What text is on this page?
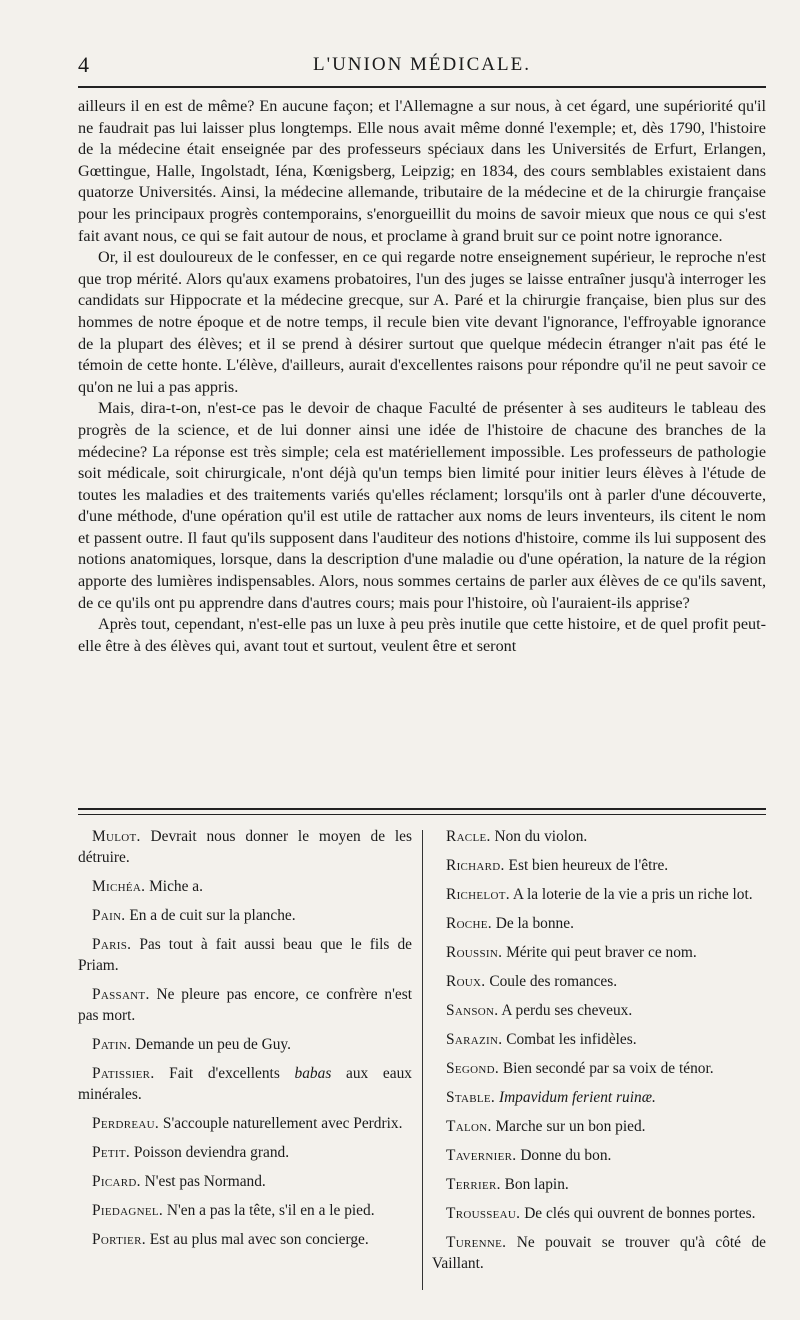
4	L'UNION MÉDICALE.

ailleurs il en est de même? En aucune façon; et l'Allemagne a sur nous, à cet égard, une supériorité qu'il ne faudrait pas lui laisser plus longtemps. Elle nous avait même donné l'exemple; et, dès 1790, l'histoire de la médecine était enseignée par des professeurs spéciaux dans les Universités de Erfurt, Erlangen, Gœttingue, Halle, Ingolstadt, Iéna, Kœnigsberg, Leipzig; en 1834, des cours semblables existaient dans quatorze Universités. Ainsi, la médecine allemande, tributaire de la médecine et de la chirurgie française pour les principaux progrès contemporains, s'enorgueillit du moins de savoir mieux que nous ce qui s'est fait avant nous, ce qui se fait autour de nous, et proclame à grand bruit sur ce point notre ignorance.

Or, il est douloureux de le confesser, en ce qui regarde notre enseignement supérieur, le reproche n'est que trop mérité. Alors qu'aux examens probatoires, l'un des juges se laisse entraîner jusqu'à interroger les candidats sur Hippocrate et la médecine grecque, sur A. Paré et la chirurgie française, bien plus sur des hommes de notre époque et de notre temps, il recule bien vite devant l'ignorance, l'effroyable ignorance de la plupart des élèves; et il se prend à désirer surtout que quelque médecin étranger n'ait pas été le témoin de cette honte. L'élève, d'ailleurs, aurait d'excellentes raisons pour répondre qu'il ne peut savoir ce qu'on ne lui a pas appris.

Mais, dira-t-on, n'est-ce pas le devoir de chaque Faculté de présenter à ses auditeurs le tableau des progrès de la science, et de lui donner ainsi une idée de l'histoire de chacune des branches de la médecine? La réponse est très simple; cela est matériellement impossible. Les professeurs de pathologie soit médicale, soit chirurgicale, n'ont déjà qu'un temps bien limité pour initier leurs élèves à l'étude de toutes les maladies et des traitements variés qu'elles réclament; lorsqu'ils ont à parler d'une découverte, d'une méthode, d'une opération qu'il est utile de rattacher aux noms de leurs inventeurs, ils citent le nom et passent outre. Il faut qu'ils supposent dans l'auditeur des notions d'histoire, comme ils lui supposent des notions anatomiques, lorsque, dans la description d'une maladie ou d'une opération, la nature de la région apporte des lumières indispensables. Alors, nous sommes certains de parler aux élèves de ce qu'ils savent, de ce qu'ils ont pu apprendre dans d'autres cours; mais pour l'histoire, où l'auraient-ils apprise?

Après tout, cependant, n'est-elle pas un luxe à peu près inutile que cette histoire, et de quel profit peut-elle être à des élèves qui, avant tout et surtout, veulent être et seront

Mulot. Devrait nous donner le moyen de les détruire.

Michéa. Miche a.

Pain. En a de cuit sur la planche.

Paris. Pas tout à fait aussi beau que le fils de Priam.

Passant. Ne pleure pas encore, ce confrère n'est pas mort.

Patin. Demande un peu de Guy.

Patissier. Fait d'excellents babas aux eaux minérales.

Perdreau. S'accouple naturellement avec Perdrix.

Petit. Poisson deviendra grand.

Picard. N'est pas Normand.

Piedagnel. N'en a pas la tête, s'il en a le pied.

Portier. Est au plus mal avec son concierge.

Racle. Non du violon.

Richard. Est bien heureux de l'être.

Richelot. A la loterie de la vie a pris un riche lot.

Roche. De la bonne.

Roussin. Mérite qui peut braver ce nom.

Roux. Coule des romances.

Sanson. A perdu ses cheveux.

Sarazin. Combat les infidèles.

Segond. Bien secondé par sa voix de ténor.

Stable. Impavidum ferient ruinæ.

Talon. Marche sur un bon pied.

Tavernier. Donne du bon.

Terrier. Bon lapin.

Trousseau. De clés qui ouvrent de bonnes portes.

Turenne. Ne pouvait se trouver qu'à côté de Vaillant.
